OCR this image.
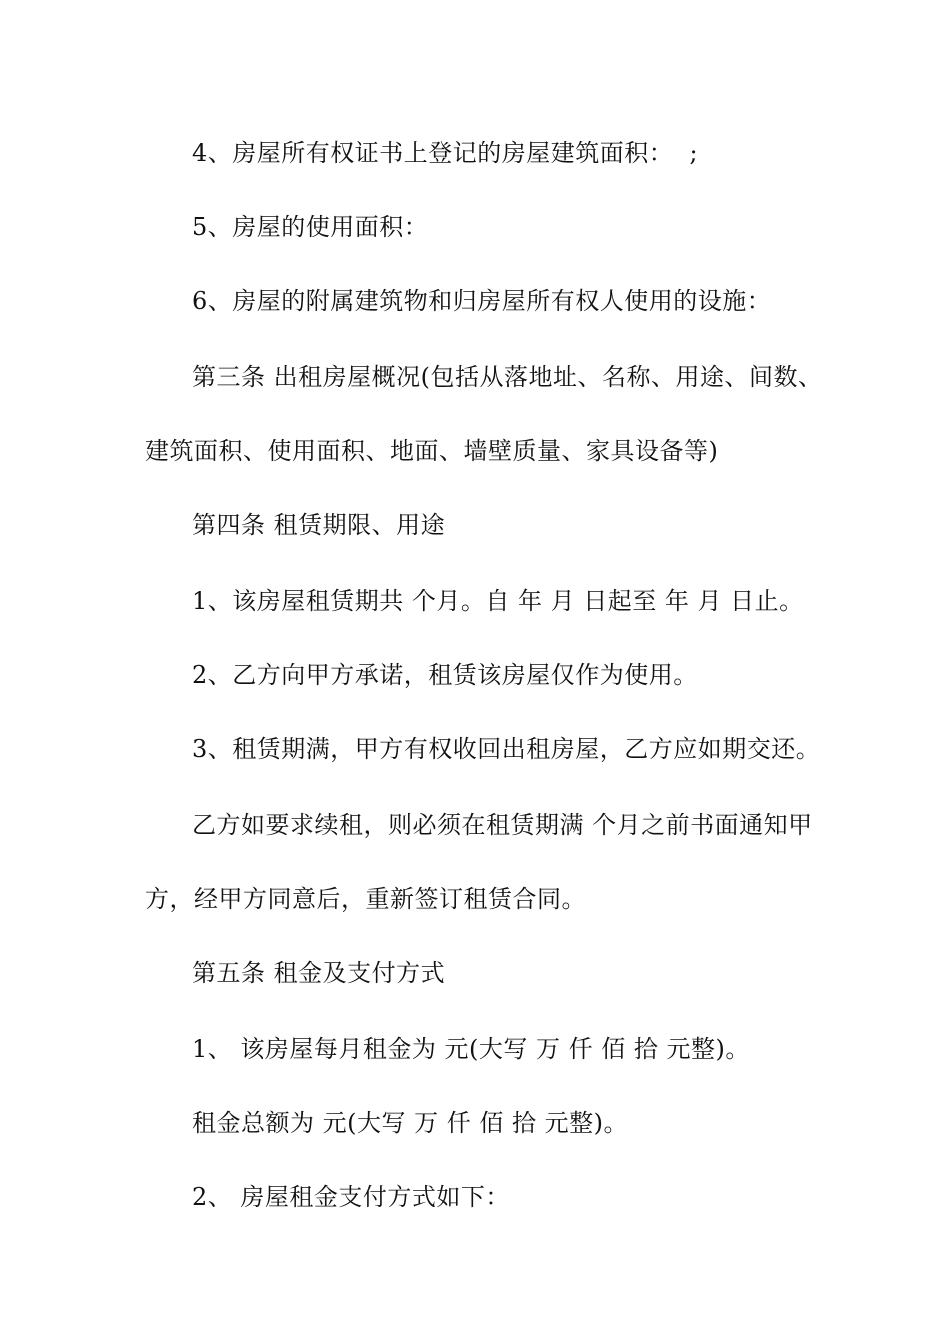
4、房屋所有权证书上登记的房屋建筑面积：  ;
5、房屋的使用面积：
6、房屋的附属建筑物和归房屋所有权人使用的设施：
第三条 出租房屋概况(包括从落地址、名称、用途、间数、
建筑面积、使用面积、地面、墙壁质量、家具设备等)
第四条 租赁期限、用途
1、该房屋租赁期共 个月。自 年 月 日起至 年 月 日止。
2、乙方向甲方承诺，租赁该房屋仅作为使用。
3、租赁期满，甲方有权收回出租房屋，乙方应如期交还。
乙方如要求续租，则必须在租赁期满 个月之前书面通知甲
方，经甲方同意后，重新签订租赁合同。
第五条 租金及支付方式
1、 该房屋每月租金为 元(大写 万 仟 佰 拾 元整)。
租金总额为 元(大写 万 仟 佰 拾 元整)。
2、 房屋租金支付方式如下：
